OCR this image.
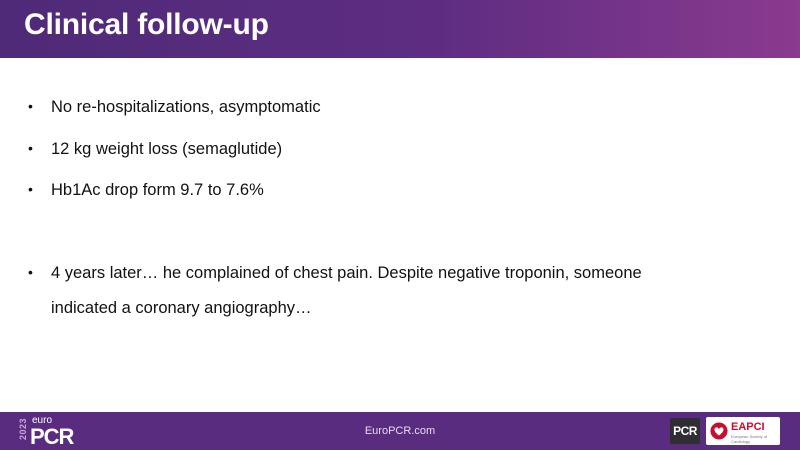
Clinical follow-up
• No re-hospitalizations, asymptomatic
• 12 kg weight loss (semaglutide)
• Hb1Ac drop form 9.7 to 7.6%
• 4 years later… he complained of chest pain. Despite negative troponin, someone
indicated a coronary angiography…
2023 euro
PCR	EuroPCR.com	PCR	EAPCI
European Society of Cardiology
